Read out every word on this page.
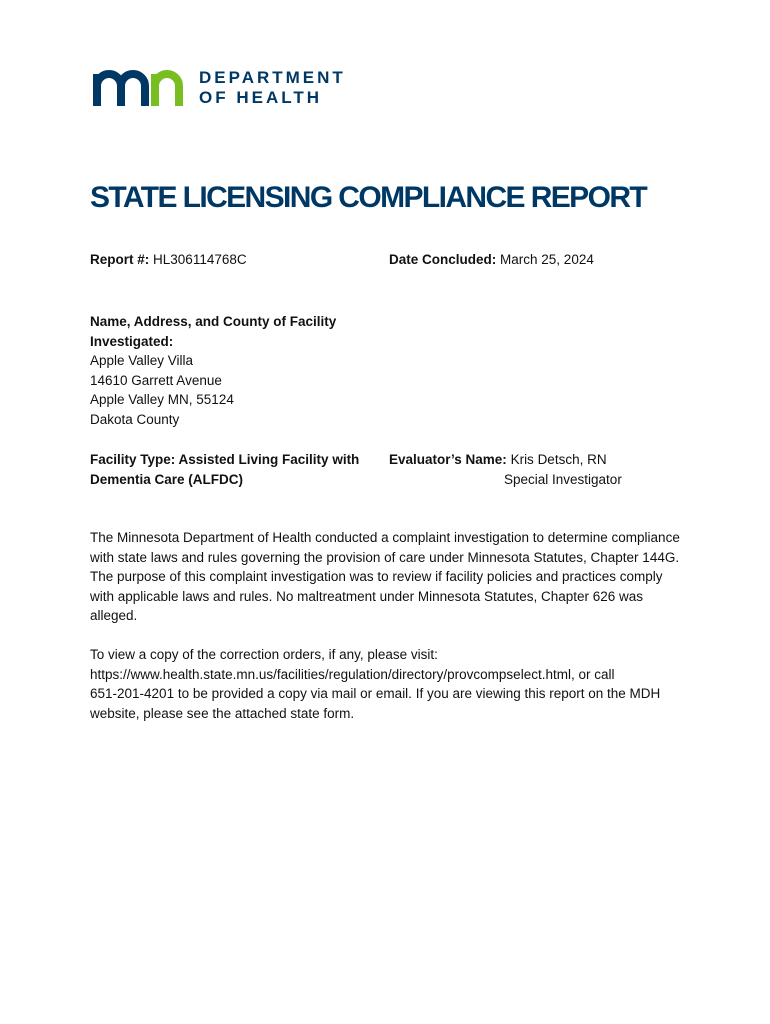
DEPARTMENT
OF HEALTH
STATE LICENSING COMPLIANCE REPORT
Report #: HL306114768C	Date Concluded: March 25, 2024
Name, Address, and County of Facility
Investigated:
Apple Valley Villa
14610 Garrett Avenue
Apple Valley MN, 55124
Dakota County
Facility Type: Assisted Living Facility with
Dementia Care (ALFDC)
Evaluator’s Name: Kris Detsch, RN
Special Investigator

The Minnesota Department of Health conducted a complaint investigation to determine compliance with state laws and rules governing the provision of care under Minnesota Statutes, Chapter 144G. The purpose of this complaint investigation was to review if facility policies and practices comply with applicable laws and rules. No maltreatment under Minnesota Statutes, Chapter 626 was alleged.

To view a copy of the correction orders, if any, please visit:
https://www.health.state.mn.us/facilities/regulation/directory/provcompselect.html, or call
651-201-4201 to be provided a copy via mail or email. If you are viewing this report on the MDH website, please see the attached state form.
